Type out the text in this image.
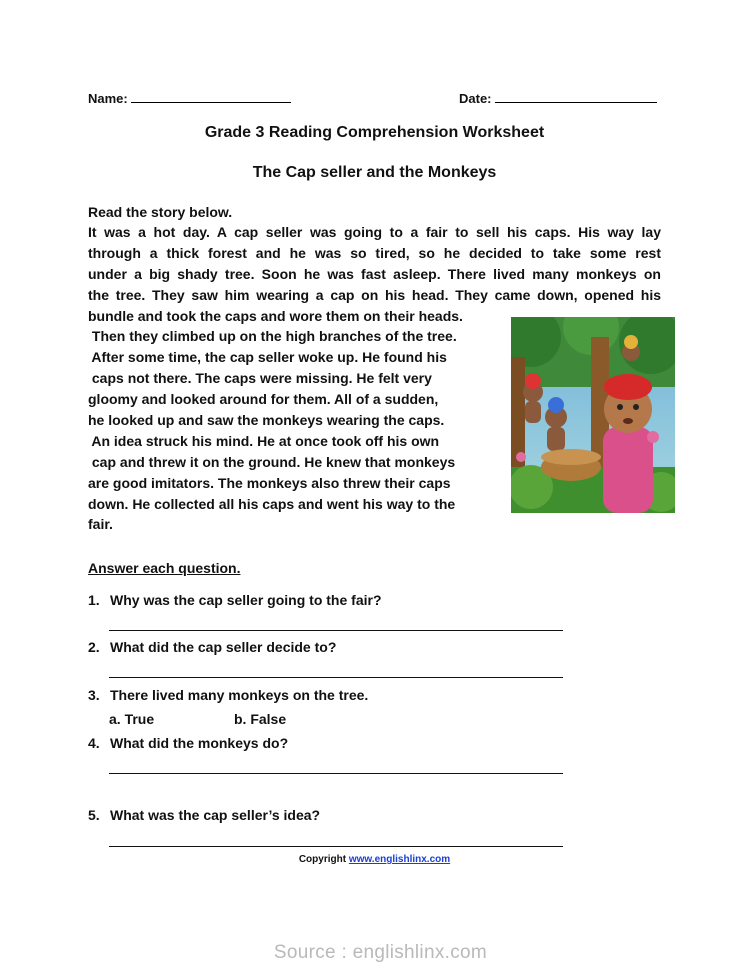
Name:	Date:
Grade 3 Reading Comprehension Worksheet
The Cap seller and the Monkeys
Read the story below.
It was a hot day. A cap seller was going to a fair to sell his caps. His way lay
through a thick forest and he was so tired, so he decided to take some rest
under a big shady tree. Soon he was fast asleep. There lived many monkeys on
the tree. They saw him wearing a cap on his head. They came down, opened his
bundle and took the caps and wore them on their heads.
Then they climbed up on the high branches of the tree.
After some time, the cap seller woke up. He found his
caps not there. The caps were missing. He felt very
gloomy and looked around for them. All of a sudden,
he looked up and saw the monkeys wearing the caps.
An idea struck his mind. He at once took off his own
cap and threw it on the ground. He knew that monkeys
are good imitators. The monkeys also threw their caps
down. He collected all his caps and went his way to the
fair.
Answer each question.
1. Why was the cap seller going to the fair?
2. What did the cap seller decide to?
3. There lived many monkeys on the tree.
a. True	b. False
4. What did the monkeys do?
5. What was the cap seller’s idea?
Copyright www.englishlinx.com
Source : englishlinx.com
